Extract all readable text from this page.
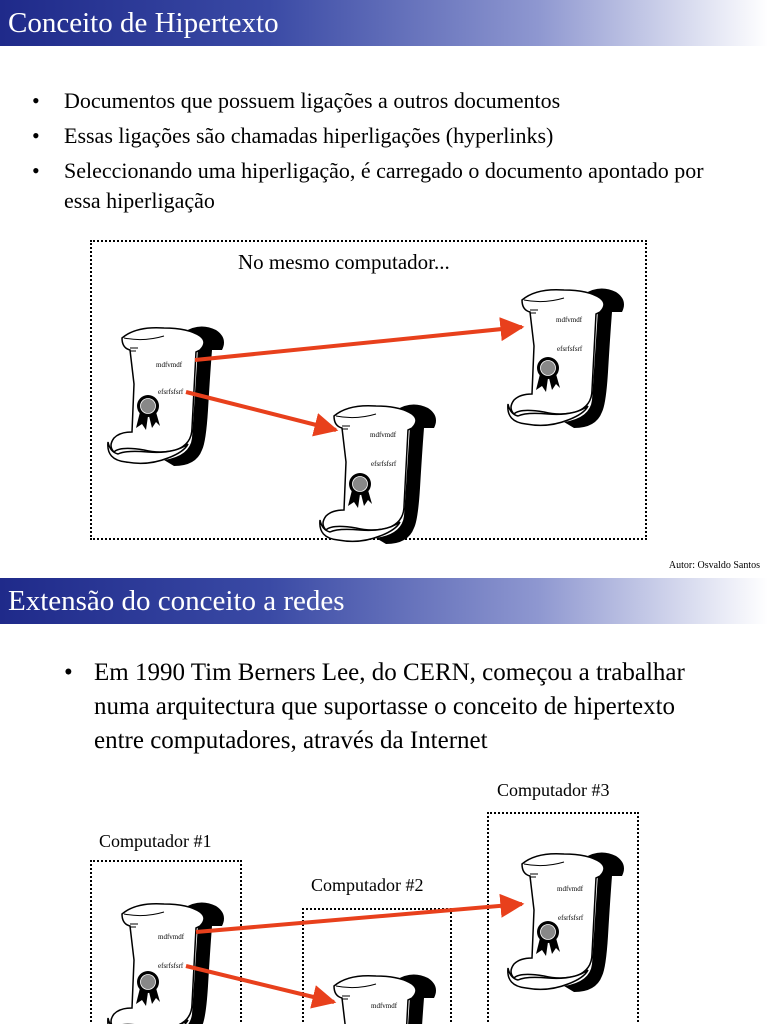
Conceito de Hipertexto
• Documentos que possuem ligações a outros documentos
• Essas ligações são chamadas hiperligações (hyperlinks)
• Seleccionando uma hiperligação, é carregado o documento apontado por essa hiperligação
No mesmo computador...
mdfvmdf
efsrfsfsrf
mdfvmdf
efsrfsfsrf
mdfvmdf
efsrfsfsrf
Autor: Osvaldo Santos
Extensão do conceito a redes
• Em 1990 Tim Berners Lee, do CERN, começou a trabalhar numa arquitectura que suportasse o conceito de hipertexto entre computadores, através da Internet
Computador #3
Computador #1
Computador #2
mdfvmdf
efsrfsfsrf
mdfvmdf
mdfvmdf
efsrfsfsrf
